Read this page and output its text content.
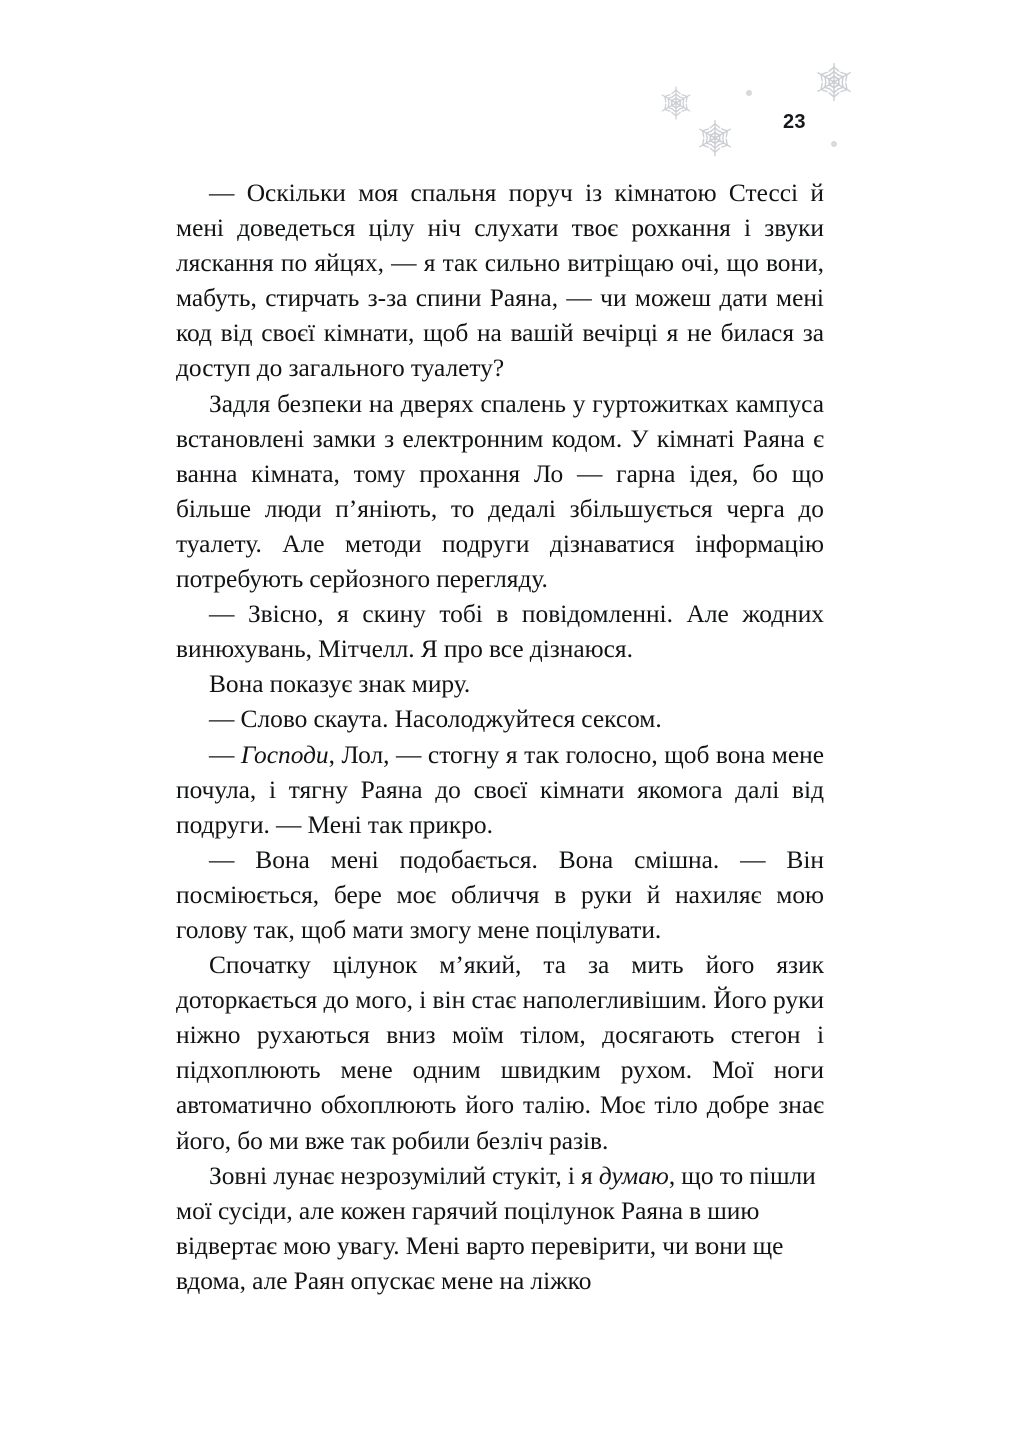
23

— Оскільки моя спальня поруч із кімнатою Стессі й мені доведеться цілу ніч слухати твоє рохкання і звуки ляскання по яйцях, — я так сильно витріщаю очі, що вони, мабуть, стирчать з-за спини Раяна, — чи можеш дати мені код від своєї кімнати, щоб на вашій вечірці я не билася за доступ до загального туалету?

Задля безпеки на дверях спалень у гуртожитках кампуса встановлені замки з електронним кодом. У кімнаті Раяна є ванна кімната, тому прохання Ло — гарна ідея, бо що більше люди п’яніють, то дедалі збільшується черга до туалету. Але методи подруги дізнаватися інформацію потребують серйозного перегляду.

— Звісно, я скину тобі в повідомленні. Але жодних винюхувань, Мітчелл. Я про все дізнаюся.

Вона показує знак миру.

— Слово скаута. Насолоджуйтеся сексом.

— Господи, Лол, — стогну я так голосно, щоб вона мене почула, і тягну Раяна до своєї кімнати якомога далі від подруги. — Мені так прикро.

— Вона мені подобається. Вона смішна. — Він посміюється, бере моє обличчя в руки й нахиляє мою голову так, щоб мати змогу мене поцілувати.

Спочатку цілунок м’який, та за мить його язик доторкається до мого, і він стає наполегливішим. Його руки ніжно рухаються вниз моїм тілом, досягають стегон і підхоплюють мене одним швидким рухом. Мої ноги автоматично обхоплюють його талію. Моє тіло добре знає його, бо ми вже так робили безліч разів.

Зовні лунає незрозумілий стукіт, і я думаю, що то пішли мої сусіди, але кожен гарячий поцілунок Раяна в шию відвертає мою увагу. Мені варто перевірити, чи вони ще вдома, але Раян опускає мене на ліжко
